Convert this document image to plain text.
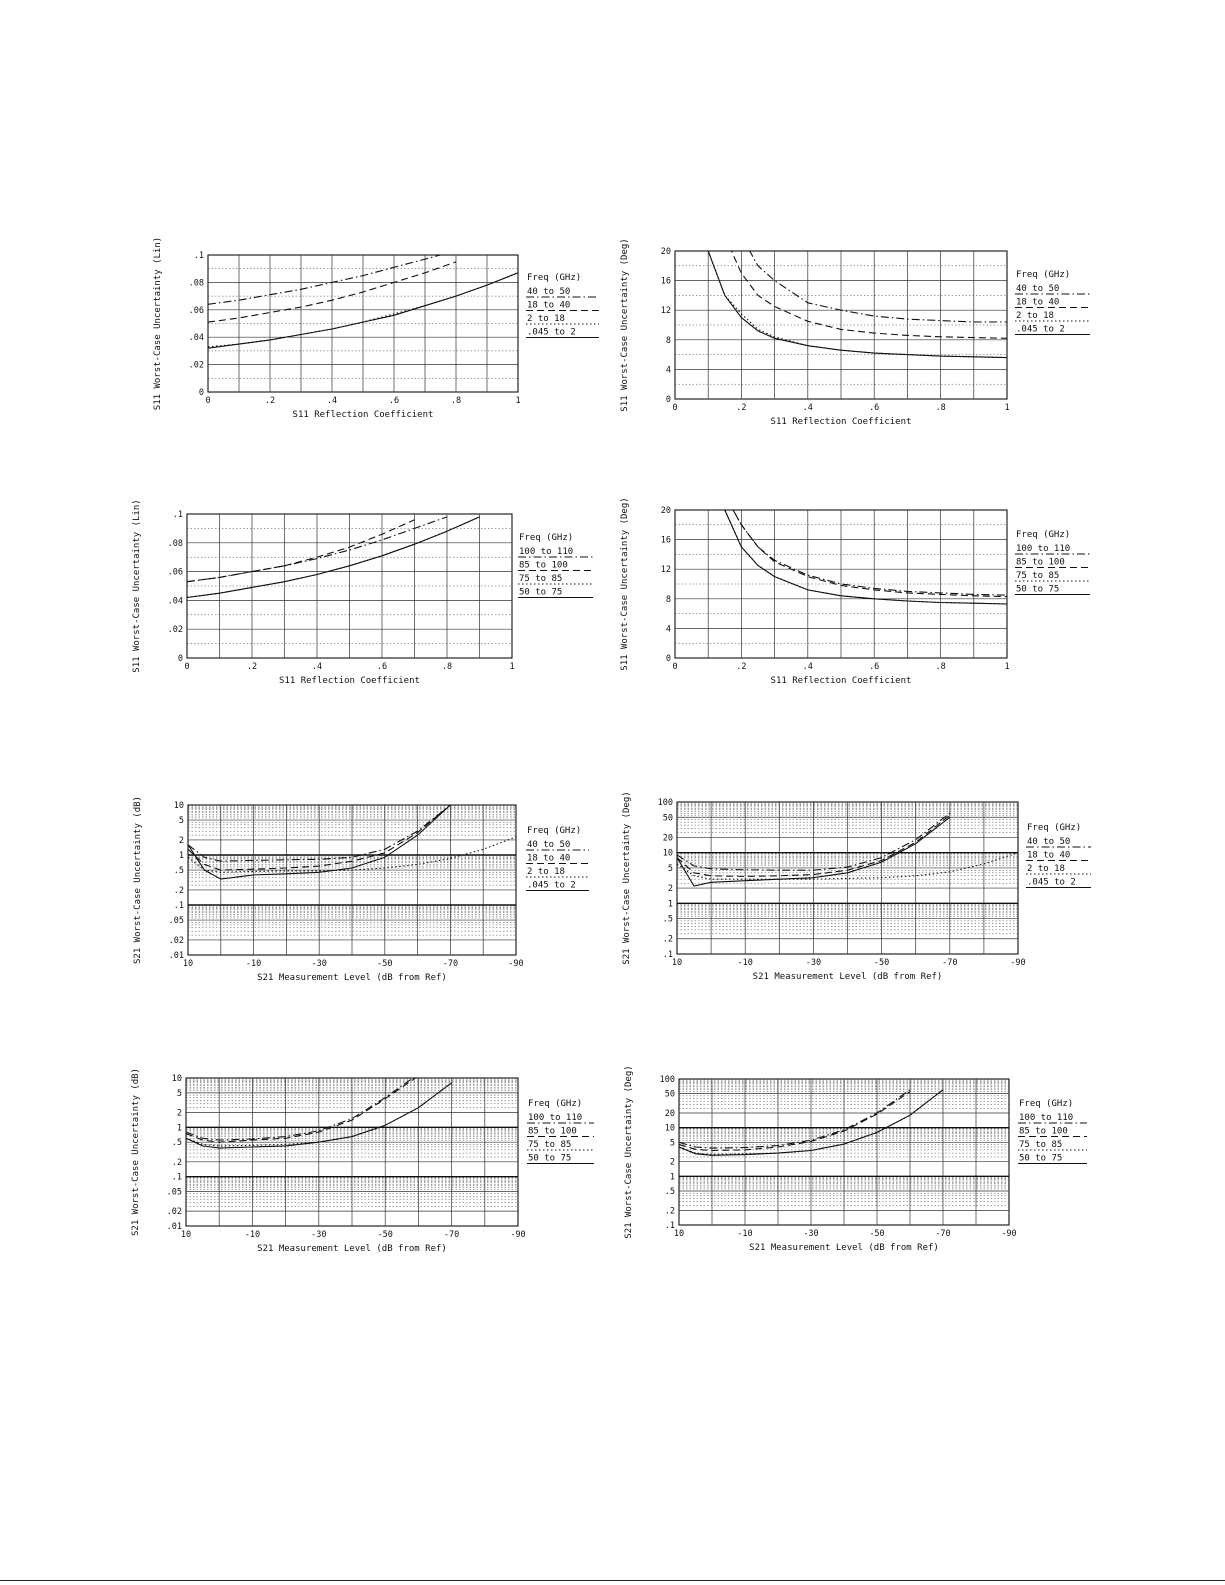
0
.02
.04
.06
.08
.1
0	.2	.4	.6	.8	1
S11 Reflection Coefficient
S11 Worst-Case Uncertainty (Lin)	Freq (GHz)
40 to 50
18 to 40
2 to 18
.045 to 2
0
4
8
12
16
20
0	.2	.4	.6	.8	1
S11 Reflection Coefficient
S11 Worst-Case Uncertainty (Deg)	Freq (GHz)
40 to 50
18 to 40
2 to 18
.045 to 2
0
.02
.04
.06
.08
.1
0	.2	.4	.6	.8	1
S11 Reflection Coefficient
S11 Worst-Case Uncertainty (Lin)	Freq (GHz)
100 to 110
85 to 100
75 to 85
50 to 75
0
4
8
12
16
20
0	.2	.4	.6	.8	1
S11 Reflection Coefficient
S11 Worst-Case Uncertainty (Deg)	Freq (GHz)
100 to 110
85 to 100
75 to 85
50 to 75
.01
.02
.05
.1
.2
.5
1
2
5
10
10	-10	-30	-50	-70	-90
S21 Measurement Level (dB from Ref)
S21 Worst-Case Uncertainty (dB)	Freq (GHz)
40 to 50
18 to 40
2 to 18
.045 to 2
.1
.2
.5
1
2
5
10
20
50
100
10	-10	-30	-50	-70	-90
S21 Measurement Level (dB from Ref)
S21 Worst-Case Uncertainty (Deg)	Freq (GHz)
40 to 50
18 to 40
2 to 18
.045 to 2
.01
.02
.05
.1
.2
.5
1
2
5
10
10	-10	-30	-50	-70	-90
S21 Measurement Level (dB from Ref)
S21 Worst-Case Uncertainty (dB)	Freq (GHz)
100 to 110
85 to 100
75 to 85
50 to 75
.1
.2
.5
1
2
5
10
20
50
100
10	-10	-30	-50	-70	-90
S21 Measurement Level (dB from Ref)
S21 Worst-Case Uncertainty (Deg)	Freq (GHz)
100 to 110
85 to 100
75 to 85
50 to 75
